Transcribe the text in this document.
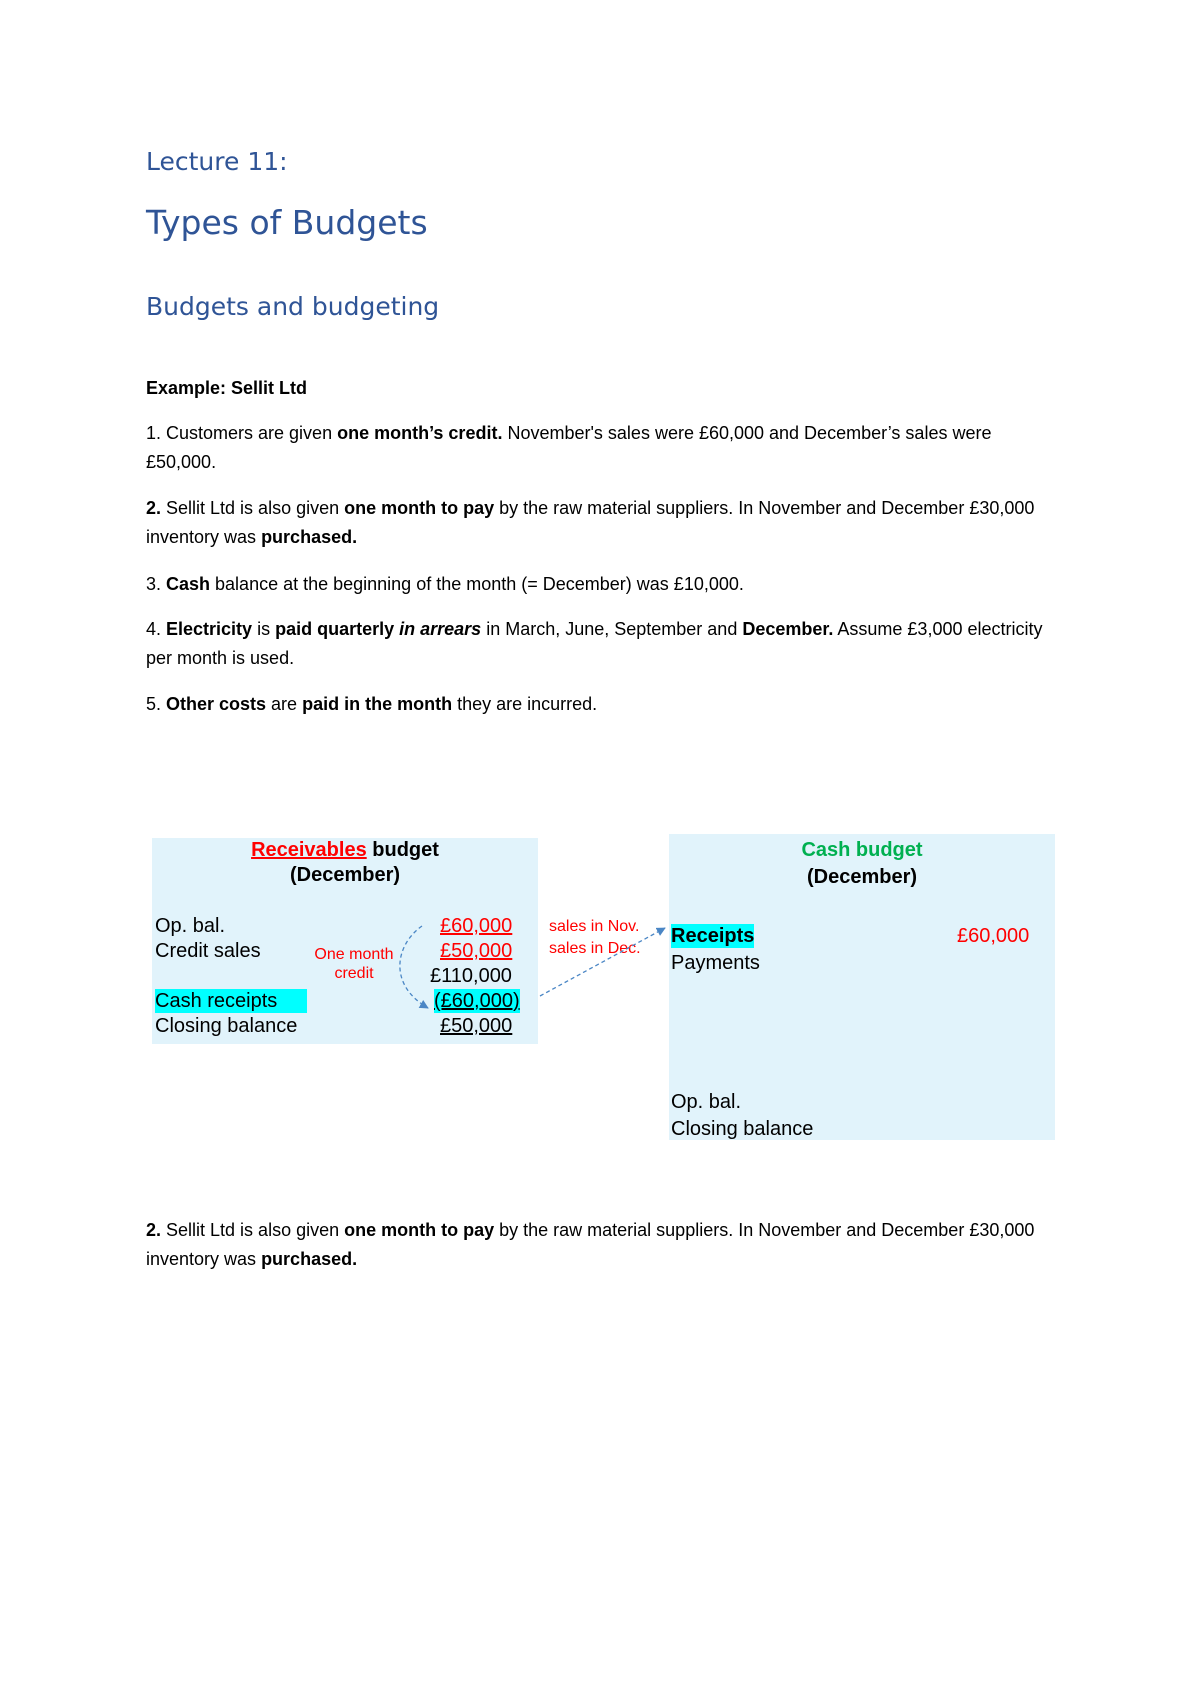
Lecture 11:
Types of Budgets
Budgets and budgeting
Example: Sellit Ltd
1. Customers are given one month’s credit. November's sales were £60,000 and December’s sales were £50,000.
2. Sellit Ltd is also given one month to pay by the raw material suppliers. In November and December £30,000 inventory was purchased.
3. Cash balance at the beginning of the month (= December) was £10,000.
4. Electricity is paid quarterly in arrears in March, June, September and December. Assume £3,000 electricity per month is used.
5. Other costs are paid in the month they are incurred.
Receivables budget
(December)
Op. bal.	£60,000
Credit sales	£50,000
£110,000
Cash receipts	(£60,000)
Closing balance	£50,000
One month
credit
sales in Nov.
sales in Dec.
Cash budget
(December)
Receipts	£60,000
Payments
Op. bal.
Closing balance
2. Sellit Ltd is also given one month to pay by the raw material suppliers. In November and December £30,000 inventory was purchased.
